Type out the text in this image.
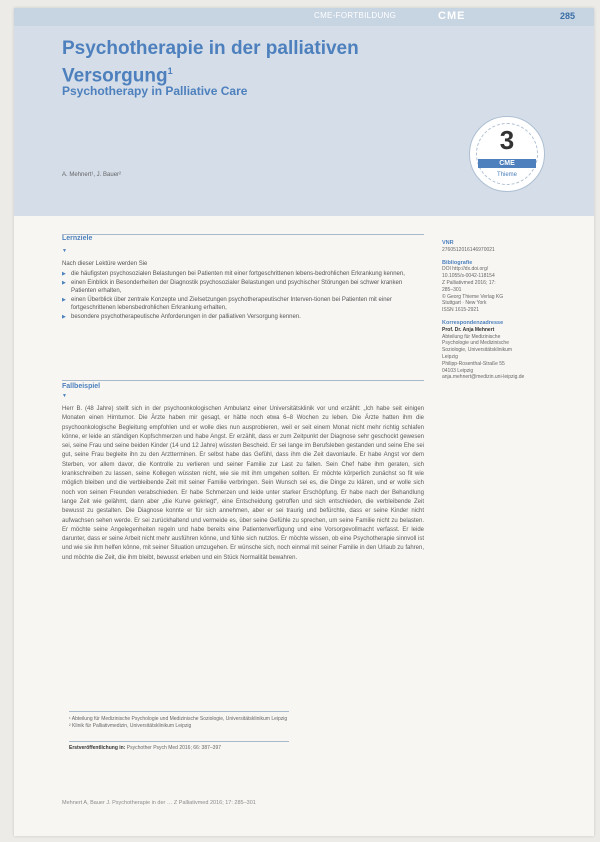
CME-FORTBILDUNG	CME	285
Psychotherapie in der palliativen Versorgung$^1$
Psychotherapy in Palliative Care
A. Mehnert¹, J. Bauer²
3
CME
Thieme
Lernziele
▼
Nach dieser Lektüre werden Sie
▶ die häufigsten psychosozialen Belastungen bei Patienten mit einer fortgeschrittenen lebens-bedrohlichen Erkrankung kennen,
▶ einen Einblick in Besonderheiten der Diagnostik psychosozialer Belastungen und psychischer Störungen bei schwer kranken Patienten erhalten,
▶ einen Überblick über zentrale Konzepte und Zielsetzungen psychotherapeutischer Interven-tionen bei Patienten mit einer fortgeschrittenen lebensbedrohlichen Erkrankung erhalten,
▶ besondere psychotherapeutische Anforderungen in der palliativen Versorgung kennen.
Fallbeispiel
▼

Herr B. (48 Jahre) stellt sich in der psychoonkologischen Ambulanz einer Universitätsklinik vor und erzählt: „Ich habe seit einigen Monaten einen Hirntumor. Die Ärzte haben mir gesagt, er hätte noch etwa 6–8 Wochen zu leben. Die Ärzte hatten ihm die psychoonkologische Begleitung empfohlen und er wolle dies nun ausprobieren, weil er seit einem Monat nicht mehr richtig schlafen könne, er leide an ständigen Kopfschmerzen und habe Angst. Er erzählt, dass er zum Zeitpunkt der Diagnose sehr geschockt gewesen sei, seine Frau und seine beiden Kinder (14 und 12 Jahre) wüssten Bescheid. Er sei lange im Berufsleben gestanden und seine Ehe sei gut, seine Frau begleite ihn zu den Arztterminen. Er selbst habe das Gefühl, dass ihm die Zeit davonlaufe. Er habe Angst vor dem Sterben, vor allem davor, die Kontrolle zu verlieren und seiner Familie zur Last zu fallen. Sein Chef habe ihm geraten, sich krankschreiben zu lassen, seine Kollegen wüssten nicht, wie sie mit ihm umgehen sollten. Er möchte körperlich zunächst so fit wie möglich bleiben und die verbleibende Zeit mit seiner Familie verbringen. Sein Wunsch sei es, die Dinge zu klären, und er wolle sich noch von seinen Freunden verabschieden. Er habe Schmerzen und leide unter starker Erschöpfung. Er habe nach der Behandlung lange Zeit wie gelähmt, dann aber „die Kurve gekriegt“, eine Entscheidung getroffen und sich entschieden, die verbleibende Zeit bewusst zu gestalten. Die Diagnose konnte er für sich annehmen, aber er sei traurig und befürchte, dass er seine Kinder nicht aufwachsen sehen werde. Er sei zurückhaltend und vermeide es, über seine Gefühle zu sprechen, um seine Familie nicht zu belasten. Er möchte seine Angelegenheiten regeln und habe bereits eine Patientenverfügung und eine Vorsorgevollmacht verfasst. Er leide darunter, dass er seine Arbeit nicht mehr ausführen könne, und fühle sich nutzlos. Er möchte wissen, ob eine Psychotherapie sinnvoll ist und wie sie ihm helfen könne, mit seiner Situation umzugehen. Er wünsche sich, noch einmal mit seiner Familie in den Urlaub zu fahren, und möchte die Zeit, die ihm bleibt, bewusst erleben und ein Stück Normalität bewahren.

¹ Abteilung für Medizinische Psychologie und Medizinische Soziologie, Universitätsklinikum Leipzig
² Klinik für Palliativmedizin, Universitätsklinikum Leipzig
Erstveröffentlichung in: Psychother Psych Med 2016; 66: 387–397
Mehnert A, Bauer J. Psychotherapie in der … Z Palliativmed 2016; 17: 285–301
VNR
2760512016146970021
Bibliografie
DOI http://dx.doi.org/
10.1055/s-0042-118154
Z Palliativmed 2016; 17:
285–301
© Georg Thieme Verlag KG
Stuttgart · New York
ISSN 1615-2921
Korrespondenzadresse
Prof. Dr. Anja Mehnert
Abteilung für Medizinische
Psychologie und Medizinische
Soziologie, Universitätsklinikum
Leipzig
Philipp-Rosenthal-Straße 55
04103 Leipzig
anja.mehnert@medizin.uni-leipzig.de
